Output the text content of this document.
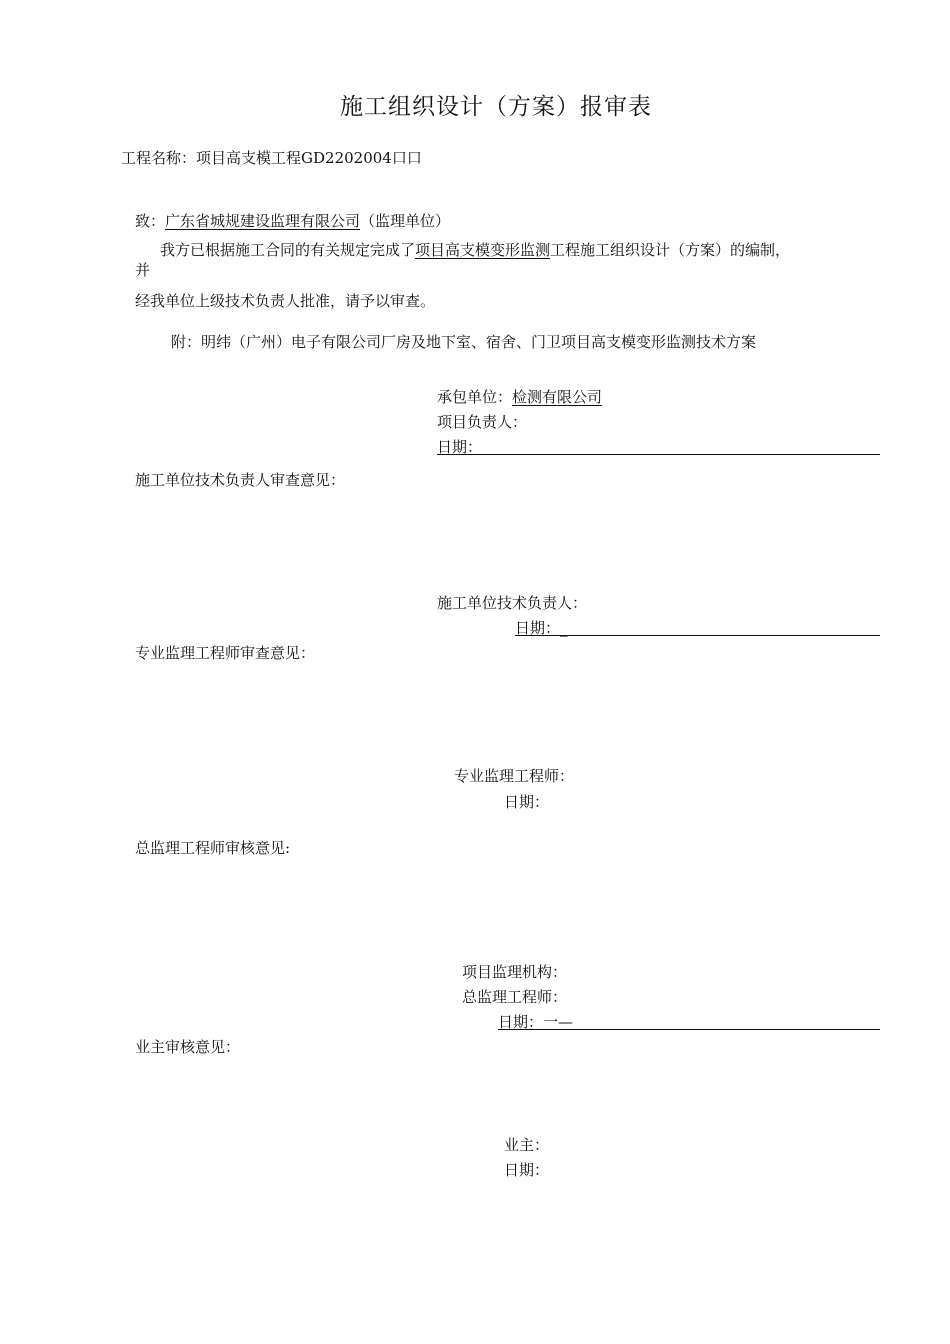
施工组织设计（方案）报审表
工程名称：项目高支模工程GD2202004口口
致：广东省城规建设监理有限公司（监理单位）
我方已根据施工合同的有关规定完成了项目高支模变形监测工程施工组织设计（方案）的编制，
并
经我单位上级技术负责人批准，请予以审查。
附：明纬（广州）电子有限公司厂房及地下室、宿舍、门卫项目高支模变形监测技术方案
承包单位：检测有限公司
项目负责人：
日期：
施工单位技术负责人审查意见：
施工单位技术负责人：
日期：_
专业监理工程师审查意见：
专业监理工程师：
日期：
总监理工程师审核意见:
项目监理机构：
总监理工程师：
日期：一—
业主审核意见：
业主：
日期：
